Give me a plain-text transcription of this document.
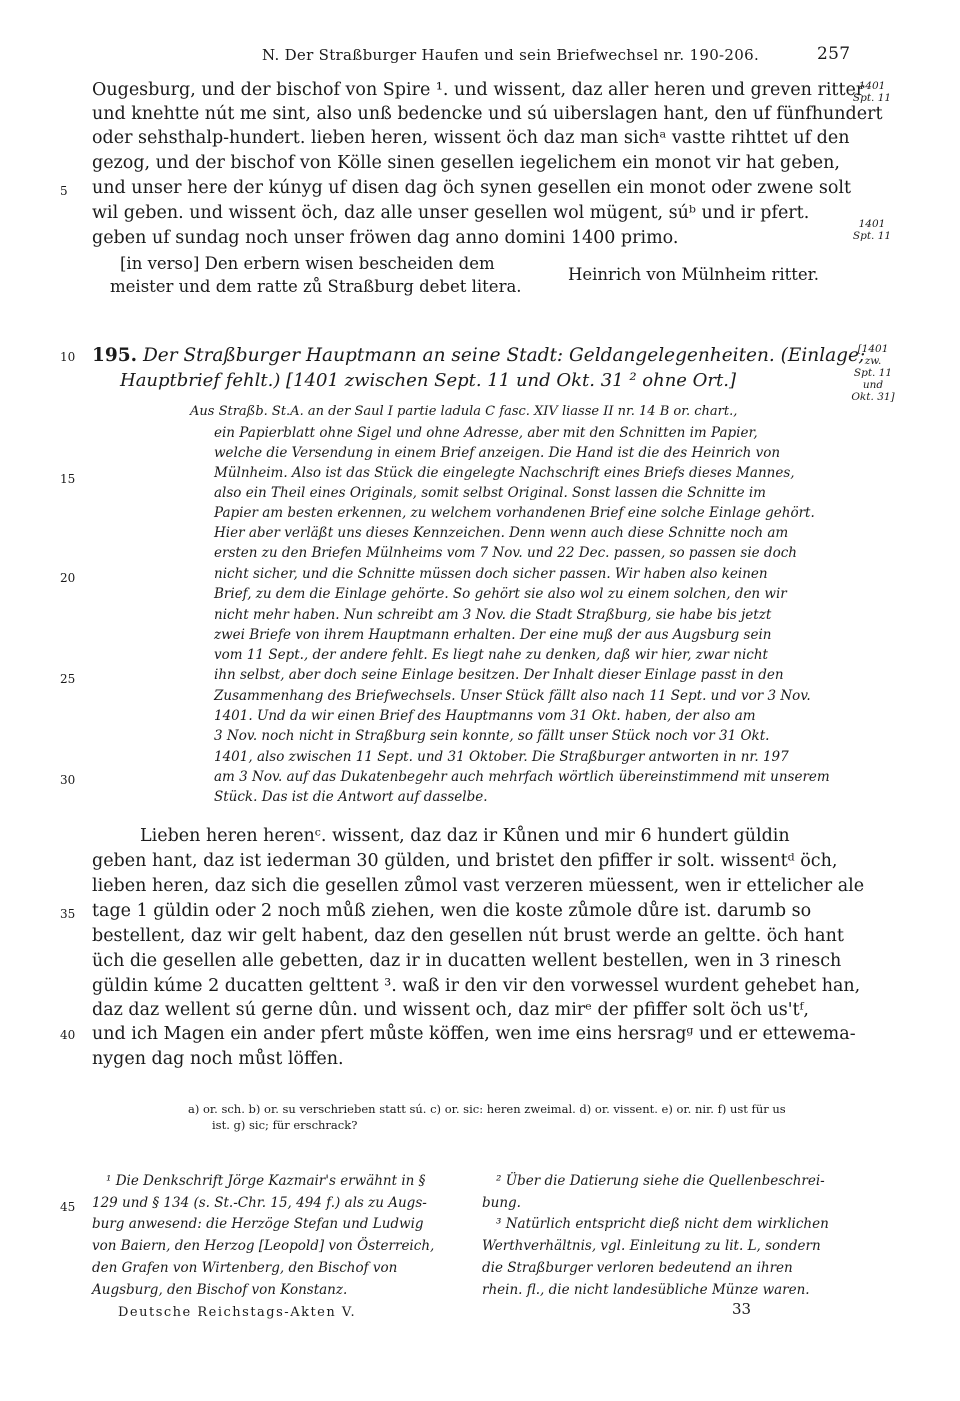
N. Der Straßburger Haufen und sein Briefwechsel nr. 190-206.	257
Ougesburg, und der bischof von Spire ¹. und wissent, daz aller heren und greven ritter
und knehtte nút me sint, also unß bedencke und sú uiberslagen hant, den uf fünfhundert
oder sehsthalp-hundert. lieben heren, wissent öch daz man sichᵃ vastte rihttet uf den
gezog, und der bischof von Kölle sinen gesellen iegelichem ein monot vir hat geben,
und unser here der kúnyg uf disen dag öch synen gesellen ein monot oder zwene solt
wil geben. und wissent öch, daz alle unser gesellen wol mügent, súᵇ und ir pfert.
geben uf sundag noch unser fröwen dag anno domini 1400 primo.
1401
Spt. 11
1401
Spt. 11
[in verso] Den erbern wisen bescheiden dem
meister und dem ratte zů Straßburg debet litera.
Heinrich von Mülnheim ritter.
5
10
15
20
25
30
35
40
45
195. Der Straßburger Hauptmann an seine Stadt: Geldangelegenheiten. (Einlage;
Hauptbrief fehlt.) [1401 zwischen Sept. 11 und Okt. 31 ² ohne Ort.]
[1401
zw.
Spt. 11
und
Okt. 31]
Aus Straßb. St.A. an der Saul I partie ladula C fasc. XIV liasse II nr. 14 B or. chart.,
ein Papierblatt ohne Sigel und ohne Adresse, aber mit den Schnitten im Papier,
welche die Versendung in einem Brief anzeigen. Die Hand ist die des Heinrich von
Mülnheim. Also ist das Stück die eingelegte Nachschrift eines Briefs dieses Mannes,
also ein Theil eines Originals, somit selbst Original. Sonst lassen die Schnitte im
Papier am besten erkennen, zu welchem vorhandenen Brief eine solche Einlage gehört.
Hier aber verläßt uns dieses Kennzeichen. Denn wenn auch diese Schnitte noch am
ersten zu den Briefen Mülnheims vom 7 Nov. und 22 Dec. passen, so passen sie doch
nicht sicher, und die Schnitte müssen doch sicher passen. Wir haben also keinen
Brief, zu dem die Einlage gehörte. So gehört sie also wol zu einem solchen, den wir
nicht mehr haben. Nun schreibt am 3 Nov. die Stadt Straßburg, sie habe bis jetzt
zwei Briefe von ihrem Hauptmann erhalten. Der eine muß der aus Augsburg sein
vom 11 Sept., der andere fehlt. Es liegt nahe zu denken, daß wir hier, zwar nicht
ihn selbst, aber doch seine Einlage besitzen. Der Inhalt dieser Einlage passt in den
Zusammenhang des Briefwechsels. Unser Stück fällt also nach 11 Sept. und vor 3 Nov.
1401. Und da wir einen Brief des Hauptmanns vom 31 Okt. haben, der also am
3 Nov. noch nicht in Straßburg sein konnte, so fällt unser Stück noch vor 31 Okt.
1401, also zwischen 11 Sept. und 31 Oktober. Die Straßburger antworten in nr. 197
am 3 Nov. auf das Dukatenbegehr auch mehrfach wörtlich übereinstimmend mit unserem
Stück. Das ist die Antwort auf dasselbe.
Lieben heren herenᶜ. wissent, daz daz ir Kůnen und mir 6 hundert güldin
geben hant, daz ist iederman 30 gülden, und bristet den pfiffer ir solt. wissentᵈ öch,
lieben heren, daz sich die gesellen zůmol vast verzeren müessent, wen ir ettelicher ale
tage 1 güldin oder 2 noch můß ziehen, wen die koste zůmole důre ist. darumb so
bestellent, daz wir gelt habent, daz den gesellen nút brust werde an geltte. öch hant
üch die gesellen alle gebetten, daz ir in ducatten wellent bestellen, wen in 3 rinesch
güldin kúme 2 ducatten gelttent ³. waß ir den vir den vorwessel wurdent gehebet han,
daz daz wellent sú gerne dûn. und wissent och, daz mirᵉ der pfiffer solt öch us'tᶠ,
und ich Magen ein ander pfert můste köffen, wen ime eins hersragᵍ und er ettewema-
nygen dag noch můst löffen.
a) or. sch. b) or. su verschrieben statt sú. c) or. sic: heren zweimal. d) or. vissent. e) or. nir. f) ust für us
ist. g) sic; für erschrack?
¹ Die Denkschrift Jörge Kazmair's erwähnt in §
129 und § 134 (s. St.-Chr. 15, 494 f.) als zu Augs-
burg anwesend: die Herzöge Stefan und Ludwig
von Baiern, den Herzog [Leopold] von Österreich,
den Grafen von Wirtenberg, den Bischof von
Augsburg, den Bischof von Konstanz.
² Über die Datierung siehe die Quellenbeschrei-
bung.
³ Natürlich entspricht dieß nicht dem wirklichen
Werthverhältnis, vgl. Einleitung zu lit. L, sondern
die Straßburger verloren bedeutend an ihren
rhein. fl., die nicht landesübliche Münze waren.
Deutsche Reichstags-Akten V.	33
